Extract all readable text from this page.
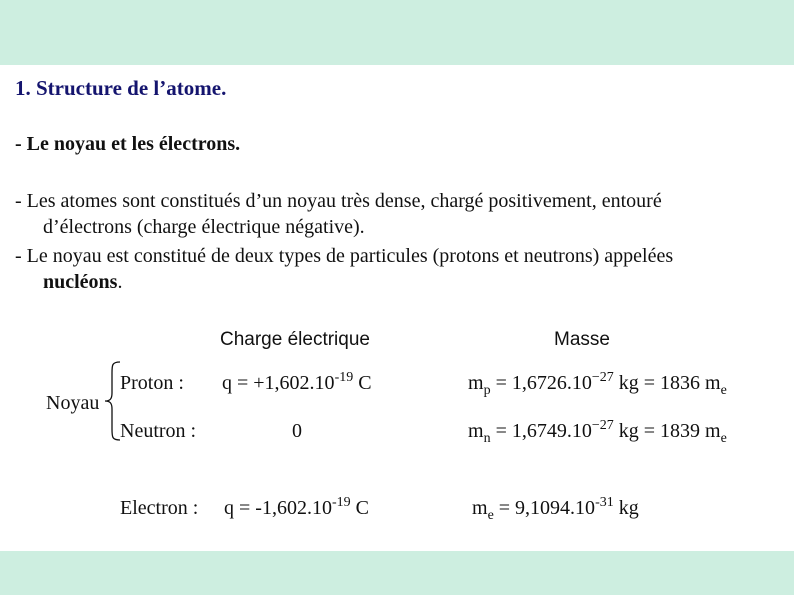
1. Structure de l’atome.
- Le noyau et les électrons.
- Les atomes sont constitués d’un noyau très dense, chargé positivement, entouré
d’électrons (charge électrique négative).
- Le noyau est constitué de deux types de particules (protons et neutrons) appelées
nucléons.
Charge électrique	Masse
Noyau
Proton : $q = +1,602.10^{-19}$ C	$m_p = 1,6726.10^{-27}$ kg = 1836 $m_e$
Neutron :	0	$m_n = 1,6749.10^{-27}$ kg = 1839 $m_e$
Electron : $q = -1,602.10^{-19}$ C	$m_e = 9,1094.10^{-31}$ kg
